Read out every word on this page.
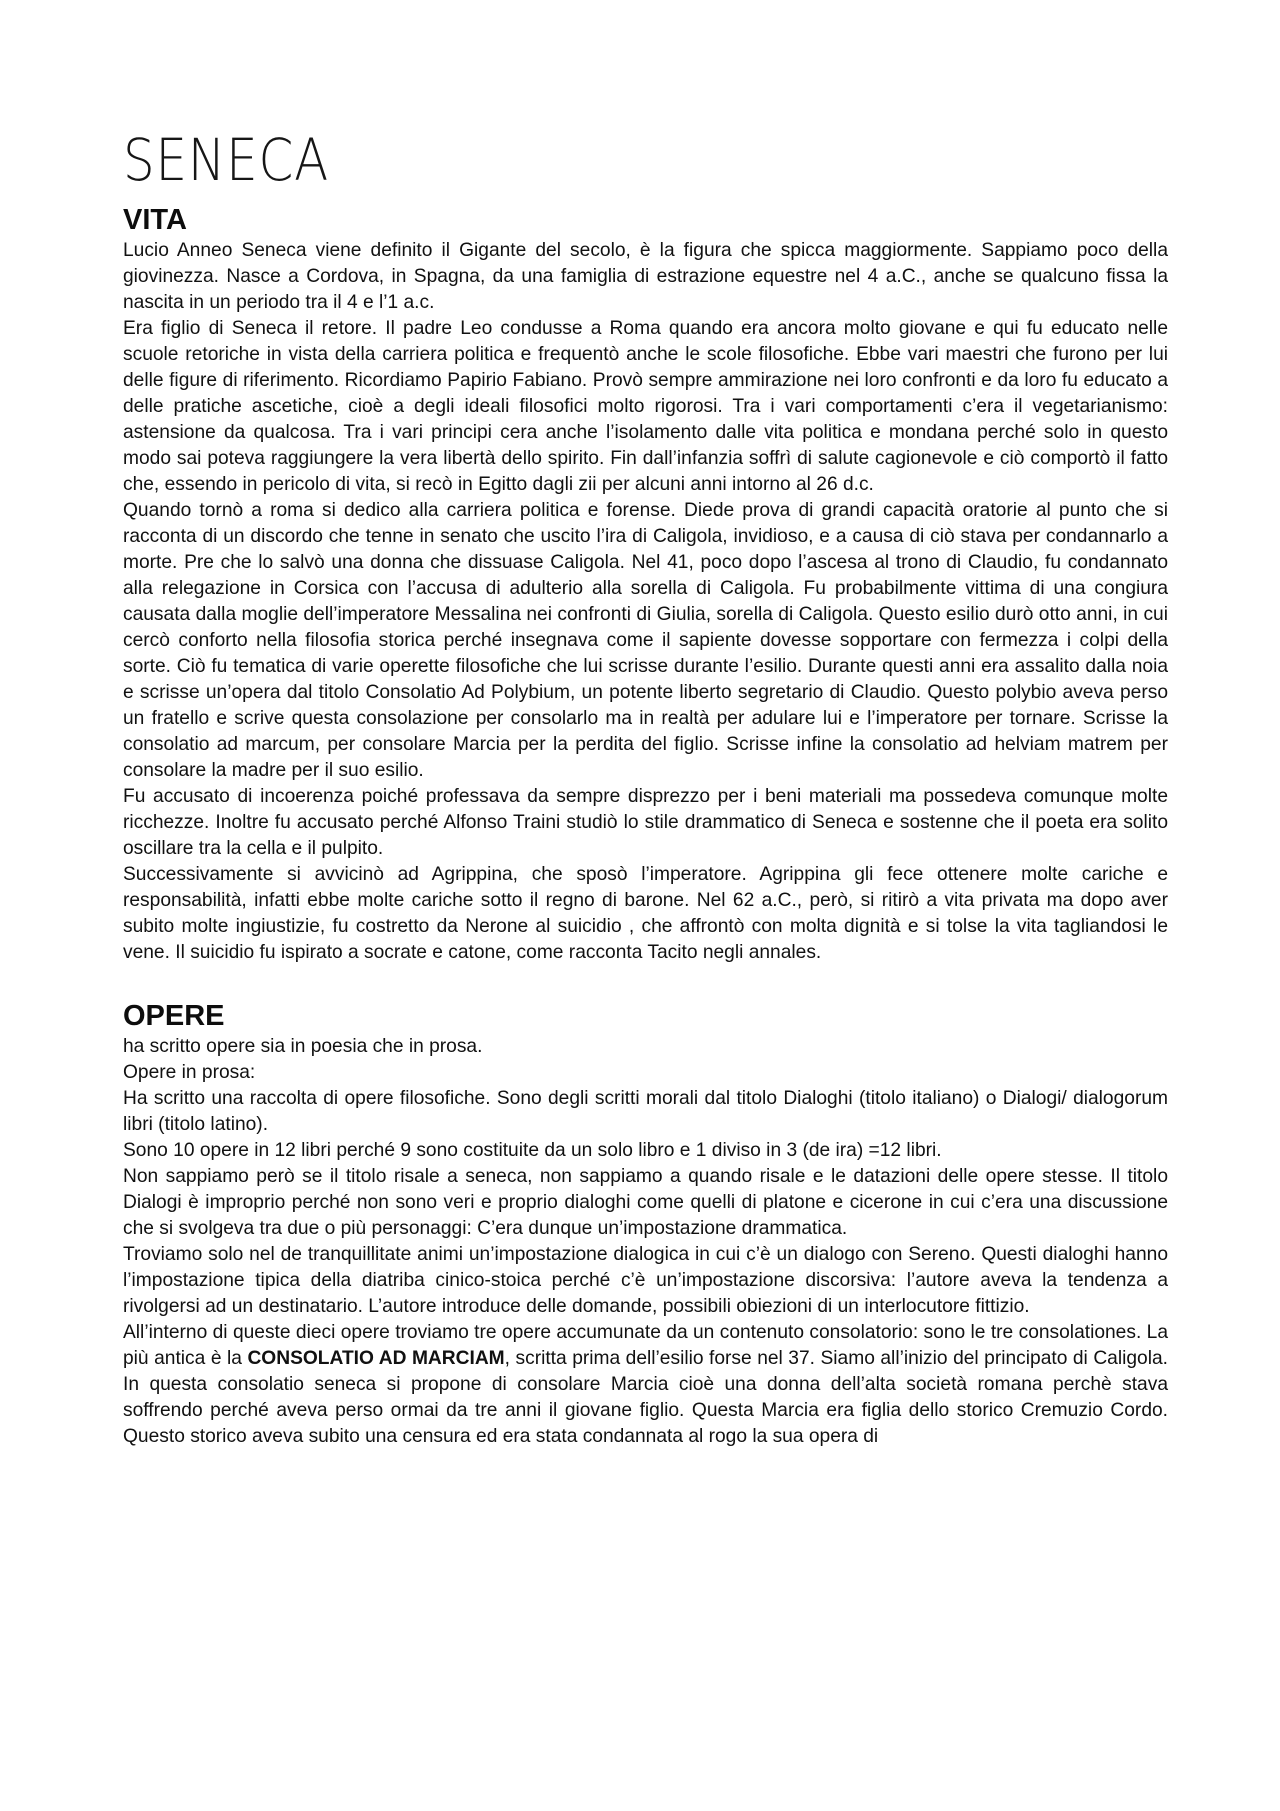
SENECA
VITA

Lucio Anneo Seneca viene definito il Gigante del secolo, è la figura che spicca maggiormente. Sappiamo poco della giovinezza. Nasce a Cordova, in Spagna, da una famiglia di estrazione equestre nel 4 a.C., anche se qualcuno fissa la nascita in un periodo tra il 4 e l’1 a.c.

Era figlio di Seneca il retore. Il padre Leo condusse a Roma quando era ancora molto giovane e qui fu educato nelle scuole retoriche in vista della carriera politica e frequentò anche le scole filosofiche. Ebbe vari maestri che furono per lui delle figure di riferimento. Ricordiamo Papirio Fabiano. Provò sempre ammirazione nei loro confronti e da loro fu educato a delle pratiche ascetiche, cioè a degli ideali filosofici molto rigorosi. Tra i vari comportamenti c’era il vegetarianismo: astensione da qualcosa. Tra i vari principi cera anche l’isolamento dalle vita politica e mondana perché solo in questo modo sai poteva raggiungere la vera libertà dello spirito. Fin dall’infanzia soffrì di salute cagionevole e ciò comportò il fatto che, essendo in pericolo di vita, si recò in Egitto dagli zii per alcuni anni intorno al 26 d.c.

Quando tornò a roma si dedico alla carriera politica e forense. Diede prova di grandi capacità oratorie al punto che si racconta di un discordo che tenne in senato che uscito l’ira di Caligola, invidioso, e a causa di ciò stava per condannarlo a morte. Pre che lo salvò una donna che dissuase Caligola. Nel 41, poco dopo l’ascesa al trono di Claudio, fu condannato alla relegazione in Corsica con l’accusa di adulterio alla sorella di Caligola. Fu probabilmente vittima di una congiura causata dalla moglie dell’imperatore Messalina nei confronti di Giulia, sorella di Caligola. Questo esilio durò otto anni, in cui cercò conforto nella filosofia storica perché insegnava come il sapiente dovesse sopportare con fermezza i colpi della sorte. Ciò fu tematica di varie operette filosofiche che lui scrisse durante l’esilio. Durante questi anni era assalito dalla noia e scrisse un’opera dal titolo Consolatio Ad Polybium, un potente liberto segretario di Claudio. Questo polybio aveva perso un fratello e scrive questa consolazione per consolarlo ma in realtà per adulare lui e l’imperatore per tornare. Scrisse la consolatio ad marcum, per consolare Marcia per la perdita del figlio. Scrisse infine la consolatio ad helviam matrem per consolare la madre per il suo esilio.

Fu accusato di incoerenza poiché professava da sempre disprezzo per i beni materiali ma possedeva comunque molte ricchezze. Inoltre fu accusato perché Alfonso Traini studiò lo stile drammatico di Seneca e sostenne che il poeta era solito oscillare tra la cella e il pulpito.

Successivamente si avvicinò ad Agrippina, che sposò l’imperatore. Agrippina gli fece ottenere molte cariche e responsabilità, infatti ebbe molte cariche sotto il regno di barone. Nel 62 a.C., però, si ritirò a vita privata ma dopo aver subito molte ingiustizie, fu costretto da Nerone al suicidio , che affrontò con molta dignità e si tolse la vita tagliandosi le vene. Il suicidio fu ispirato a socrate e catone, come racconta Tacito negli annales.

OPERE

ha scritto opere sia in poesia che in prosa.

Opere in prosa:

Ha scritto una raccolta di opere filosofiche. Sono degli scritti morali dal titolo Dialoghi (titolo italiano) o Dialogi/ dialogorum libri (titolo latino).

Sono 10 opere in 12 libri perché 9 sono costituite da un solo libro e 1 diviso in 3 (de ira) =12 libri.

Non sappiamo però se il titolo risale a seneca, non sappiamo a quando risale e le datazioni delle opere stesse. Il titolo Dialogi è improprio perché non sono veri e proprio dialoghi come quelli di platone e cicerone in cui c’era una discussione che si svolgeva tra due o più personaggi: C’era dunque un’impostazione drammatica.

Troviamo solo nel de tranquillitate animi un’impostazione dialogica in cui c’è un dialogo con Sereno. Questi dialoghi hanno l’impostazione tipica della diatriba cinico-stoica perché c’è un’impostazione discorsiva: l’autore aveva la tendenza a rivolgersi ad un destinatario. L’autore introduce delle domande, possibili obiezioni di un interlocutore fittizio.

All’interno di queste dieci opere troviamo tre opere accumunate da un contenuto consolatorio: sono le tre consolationes. La più antica è la CONSOLATIO AD MARCIAM, scritta prima dell’esilio forse nel 37. Siamo all’inizio del principato di Caligola. In questa consolatio seneca si propone di consolare Marcia cioè una donna dell’alta società romana perchè stava soffrendo perché aveva perso ormai da tre anni il giovane figlio. Questa Marcia era figlia dello storico Cremuzio Cordo. Questo storico aveva subito una censura ed era stata condannata al rogo la sua opera di
